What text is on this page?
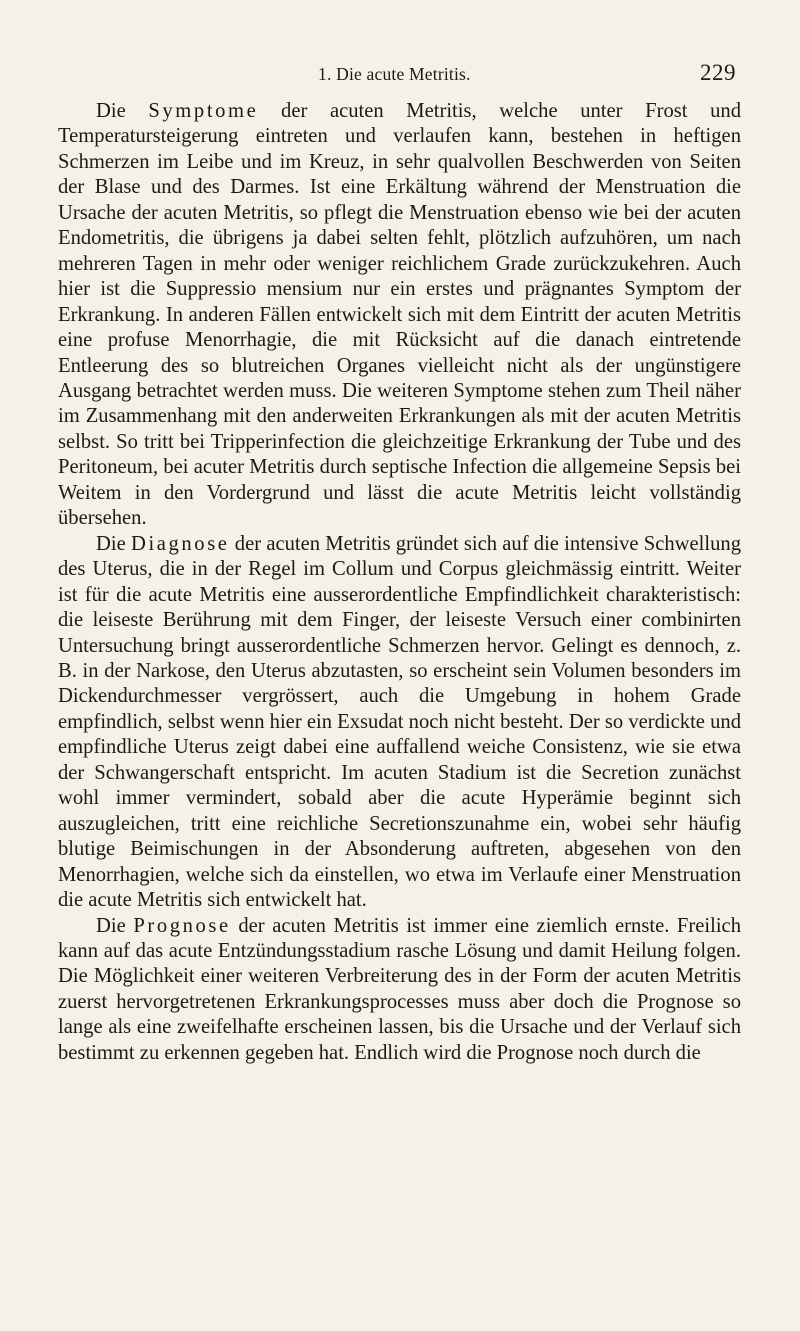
1. Die acute Metritis.	229

Die Symptome der acuten Metritis, welche unter Frost und Temperatursteigerung eintreten und verlaufen kann, bestehen in heftigen Schmerzen im Leibe und im Kreuz, in sehr qualvollen Beschwerden von Seiten der Blase und des Darmes. Ist eine Erkältung während der Menstruation die Ursache der acuten Metritis, so pflegt die Menstruation ebenso wie bei der acuten Endometritis, die übrigens ja dabei selten fehlt, plötzlich aufzuhören, um nach mehreren Tagen in mehr oder weniger reichlichem Grade zurückzukehren. Auch hier ist die Suppressio mensium nur ein erstes und prägnantes Symptom der Erkrankung. In anderen Fällen entwickelt sich mit dem Eintritt der acuten Metritis eine profuse Menorrhagie, die mit Rücksicht auf die danach eintretende Entleerung des so blutreichen Organes vielleicht nicht als der ungünstigere Ausgang betrachtet werden muss. Die weiteren Symptome stehen zum Theil näher im Zusammenhang mit den anderweiten Erkrankungen als mit der acuten Metritis selbst. So tritt bei Tripperinfection die gleichzeitige Erkrankung der Tube und des Peritoneum, bei acuter Metritis durch septische Infection die allgemeine Sepsis bei Weitem in den Vordergrund und lässt die acute Metritis leicht vollständig übersehen.

Die Diagnose der acuten Metritis gründet sich auf die intensive Schwellung des Uterus, die in der Regel im Collum und Corpus gleichmässig eintritt. Weiter ist für die acute Metritis eine ausserordentliche Empfindlichkeit charakteristisch: die leiseste Berührung mit dem Finger, der leiseste Versuch einer combinirten Untersuchung bringt ausserordentliche Schmerzen hervor. Gelingt es dennoch, z. B. in der Narkose, den Uterus abzutasten, so erscheint sein Volumen besonders im Dickendurchmesser vergrössert, auch die Umgebung in hohem Grade empfindlich, selbst wenn hier ein Exsudat noch nicht besteht. Der so verdickte und empfindliche Uterus zeigt dabei eine auffallend weiche Consistenz, wie sie etwa der Schwangerschaft entspricht. Im acuten Stadium ist die Secretion zunächst wohl immer vermindert, sobald aber die acute Hyperämie beginnt sich auszugleichen, tritt eine reichliche Secretionszunahme ein, wobei sehr häufig blutige Beimischungen in der Absonderung auftreten, abgesehen von den Menorrhagien, welche sich da einstellen, wo etwa im Verlaufe einer Menstruation die acute Metritis sich entwickelt hat.

Die Prognose der acuten Metritis ist immer eine ziemlich ernste. Freilich kann auf das acute Entzündungsstadium rasche Lösung und damit Heilung folgen. Die Möglichkeit einer weiteren Verbreiterung des in der Form der acuten Metritis zuerst hervorgetretenen Erkrankungsprocesses muss aber doch die Prognose so lange als eine zweifelhafte erscheinen lassen, bis die Ursache und der Verlauf sich bestimmt zu erkennen gegeben hat. Endlich wird die Prognose noch durch die
